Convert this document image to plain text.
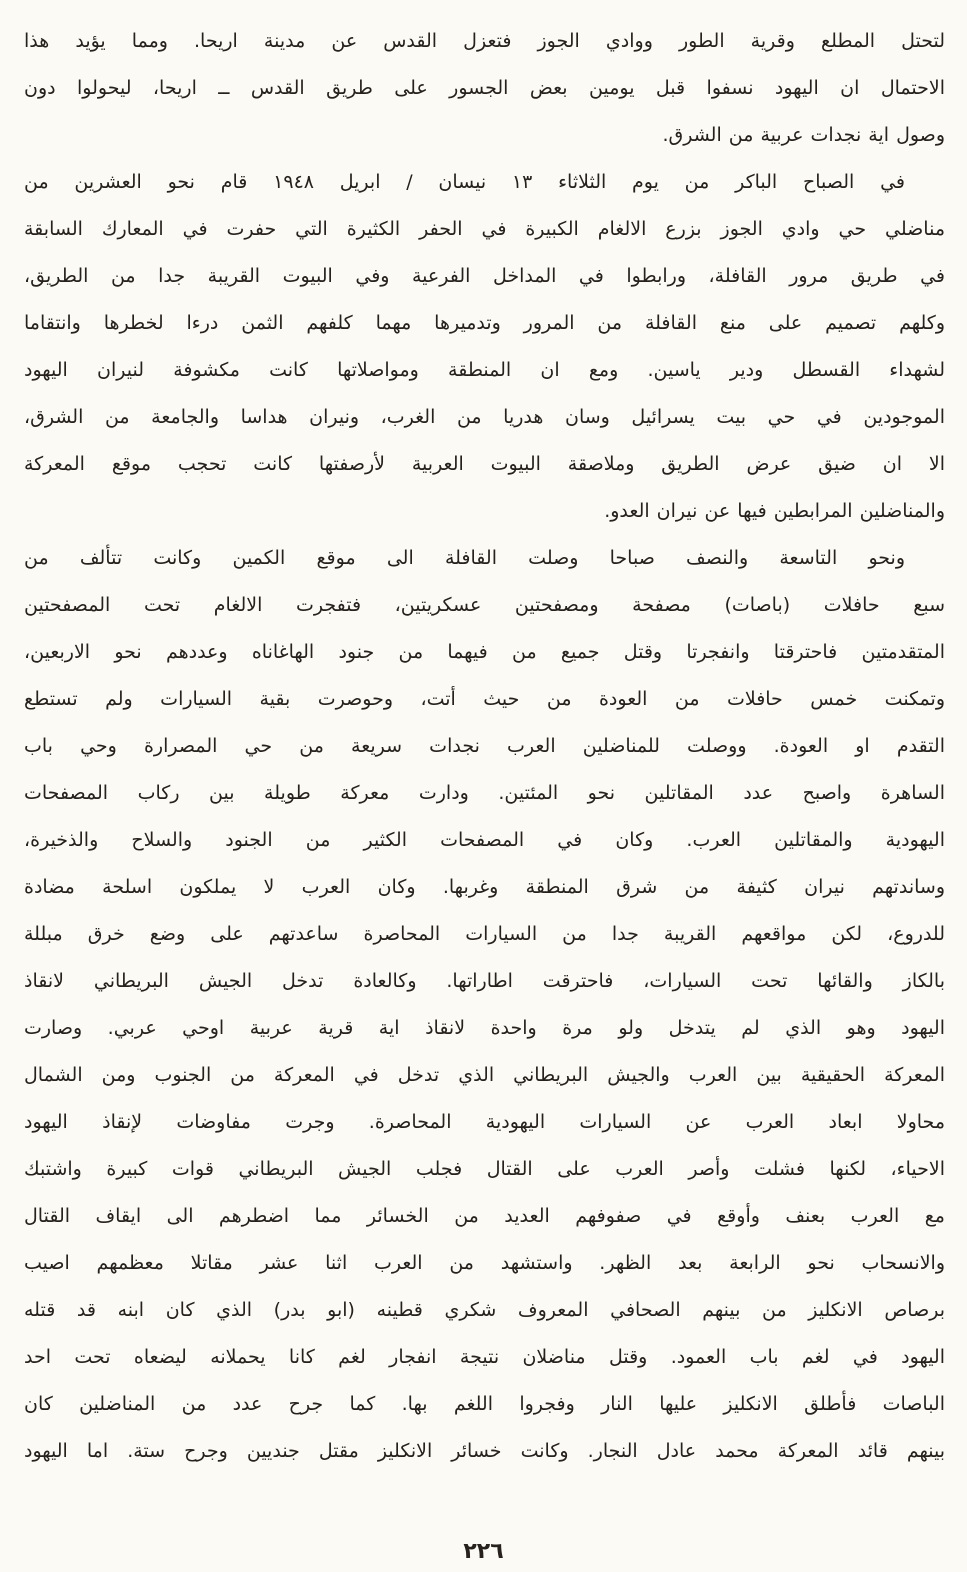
لتحتل المطلع وقرية الطور ووادي الجوز فتعزل القدس عن مدينة اريحا. ومما يؤيد هذا
الاحتمال ان اليهود نسفوا قبل يومين بعض الجسور على طريق القدس ــ اريحا، ليحولوا دون
وصول اية نجدات عربية من الشرق.
في الصباح الباكر من يوم الثلاثاء ١٣ نيسان / ابريل ١٩٤٨ قام نحو العشرين من
مناضلي حي وادي الجوز بزرع الالغام الكبيرة في الحفر الكثيرة التي حفرت في المعارك السابقة
في طريق مرور القافلة، ورابطوا في المداخل الفرعية وفي البيوت القريبة جدا من الطريق،
وكلهم تصميم على منع القافلة من المرور وتدميرها مهما كلفهم الثمن درءا لخطرها وانتقاما
لشهداء القسطل ودير ياسين. ومع ان المنطقة ومواصلاتها كانت مكشوفة لنيران اليهود
الموجودين في حي بيت يسرائيل وسان هدريا من الغرب، ونيران هداسا والجامعة من الشرق،
الا ان ضيق عرض الطريق وملاصقة البيوت العربية لأرصفتها كانت تحجب موقع المعركة
والمناضلين المرابطين فيها عن نيران العدو.
ونحو التاسعة والنصف صباحا وصلت القافلة الى موقع الكمين وكانت تتألف من
سبع حافلات (باصات) مصفحة ومصفحتين عسكريتين، فتفجرت الالغام تحت المصفحتين
المتقدمتين فاحترقتا وانفجرتا وقتل جميع من فيهما من جنود الهاغاناه وعددهم نحو الاربعين،
وتمكنت خمس حافلات من العودة من حيث أتت، وحوصرت بقية السيارات ولم تستطع
التقدم او العودة. ووصلت للمناضلين العرب نجدات سريعة من حي المصرارة وحي باب
الساهرة واصبح عدد المقاتلين نحو المئتين. ودارت معركة طويلة بين ركاب المصفحات
اليهودية والمقاتلين العرب. وكان في المصفحات الكثير من الجنود والسلاح والذخيرة،
وساندتهم نيران كثيفة من شرق المنطقة وغربها. وكان العرب لا يملكون اسلحة مضادة
للدروع، لكن مواقعهم القريبة جدا من السيارات المحاصرة ساعدتهم على وضع خرق مبللة
بالكاز والقائها تحت السيارات، فاحترقت اطاراتها. وكالعادة تدخل الجيش البريطاني لانقاذ
اليهود وهو الذي لم يتدخل ولو مرة واحدة لانقاذ اية قرية عربية اوحي عربي. وصارت
المعركة الحقيقية بين العرب والجيش البريطاني الذي تدخل في المعركة من الجنوب ومن الشمال
محاولا ابعاد العرب عن السيارات اليهودية المحاصرة. وجرت مفاوضات لإنقاذ اليهود
الاحياء، لكنها فشلت وأصر العرب على القتال فجلب الجيش البريطاني قوات كبيرة واشتبك
مع العرب بعنف وأوقع في صفوفهم العديد من الخسائر مما اضطرهم الى ايقاف القتال
والانسحاب نحو الرابعة بعد الظهر. واستشهد من العرب اثنا عشر مقاتلا معظمهم اصيب
برصاص الانكليز من بينهم الصحافي المعروف شكري قطينه (ابو بدر) الذي كان ابنه قد قتله
اليهود في لغم باب العمود. وقتل مناضلان نتيجة انفجار لغم كانا يحملانه ليضعاه تحت احد
الباصات فأطلق الانكليز عليها النار وفجروا اللغم بها. كما جرح عدد من المناضلين كان
بينهم قائد المعركة محمد عادل النجار. وكانت خسائر الانكليز مقتل جنديين وجرح ستة. اما اليهود
٢٢٦
